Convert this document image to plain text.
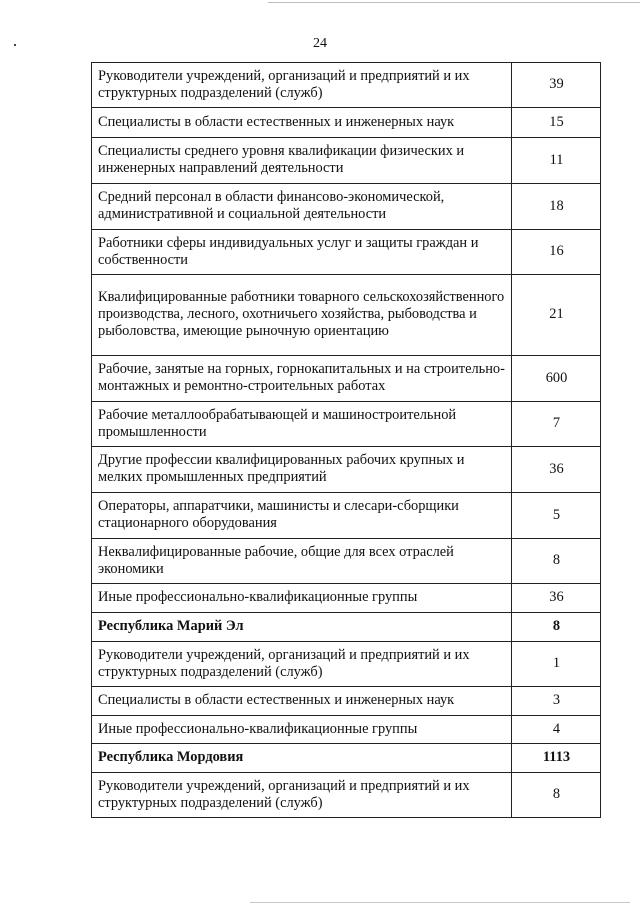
24
Руководители учреждений, организаций и предприятий и их структурных подразделений (служб)	39
Специалисты в области естественных и инженерных наук	15
Специалисты среднего уровня квалификации физических и инженерных направлений деятельности	11
Средний персонал в области финансово-экономической, административной и социальной деятельности	18
Работники сферы индивидуальных услуг и защиты граждан и собственности	16
Квалифицированные работники товарного сельскохозяйственного производства, лесного, охотничьего хозяйства, рыбоводства и рыболовства, имеющие рыночную ориентацию	21
Рабочие, занятые на горных, горнокапитальных и на строительно-монтажных и ремонтно-строительных работах	600
Рабочие металлообрабатывающей и машиностроительной промышленности	7
Другие профессии квалифицированных рабочих крупных и мелких промышленных предприятий	36
Операторы, аппаратчики, машинисты и слесари-сборщики стационарного оборудования	5
Неквалифицированные рабочие, общие для всех отраслей экономики	8
Иные профессионально-квалификационные группы	36
Республика Марий Эл	8
Руководители учреждений, организаций и предприятий и их структурных подразделений (служб)	1
Специалисты в области естественных и инженерных наук	3
Иные профессионально-квалификационные группы	4
Республика Мордовия	1113
Руководители учреждений, организаций и предприятий и их структурных подразделений (служб)	8
